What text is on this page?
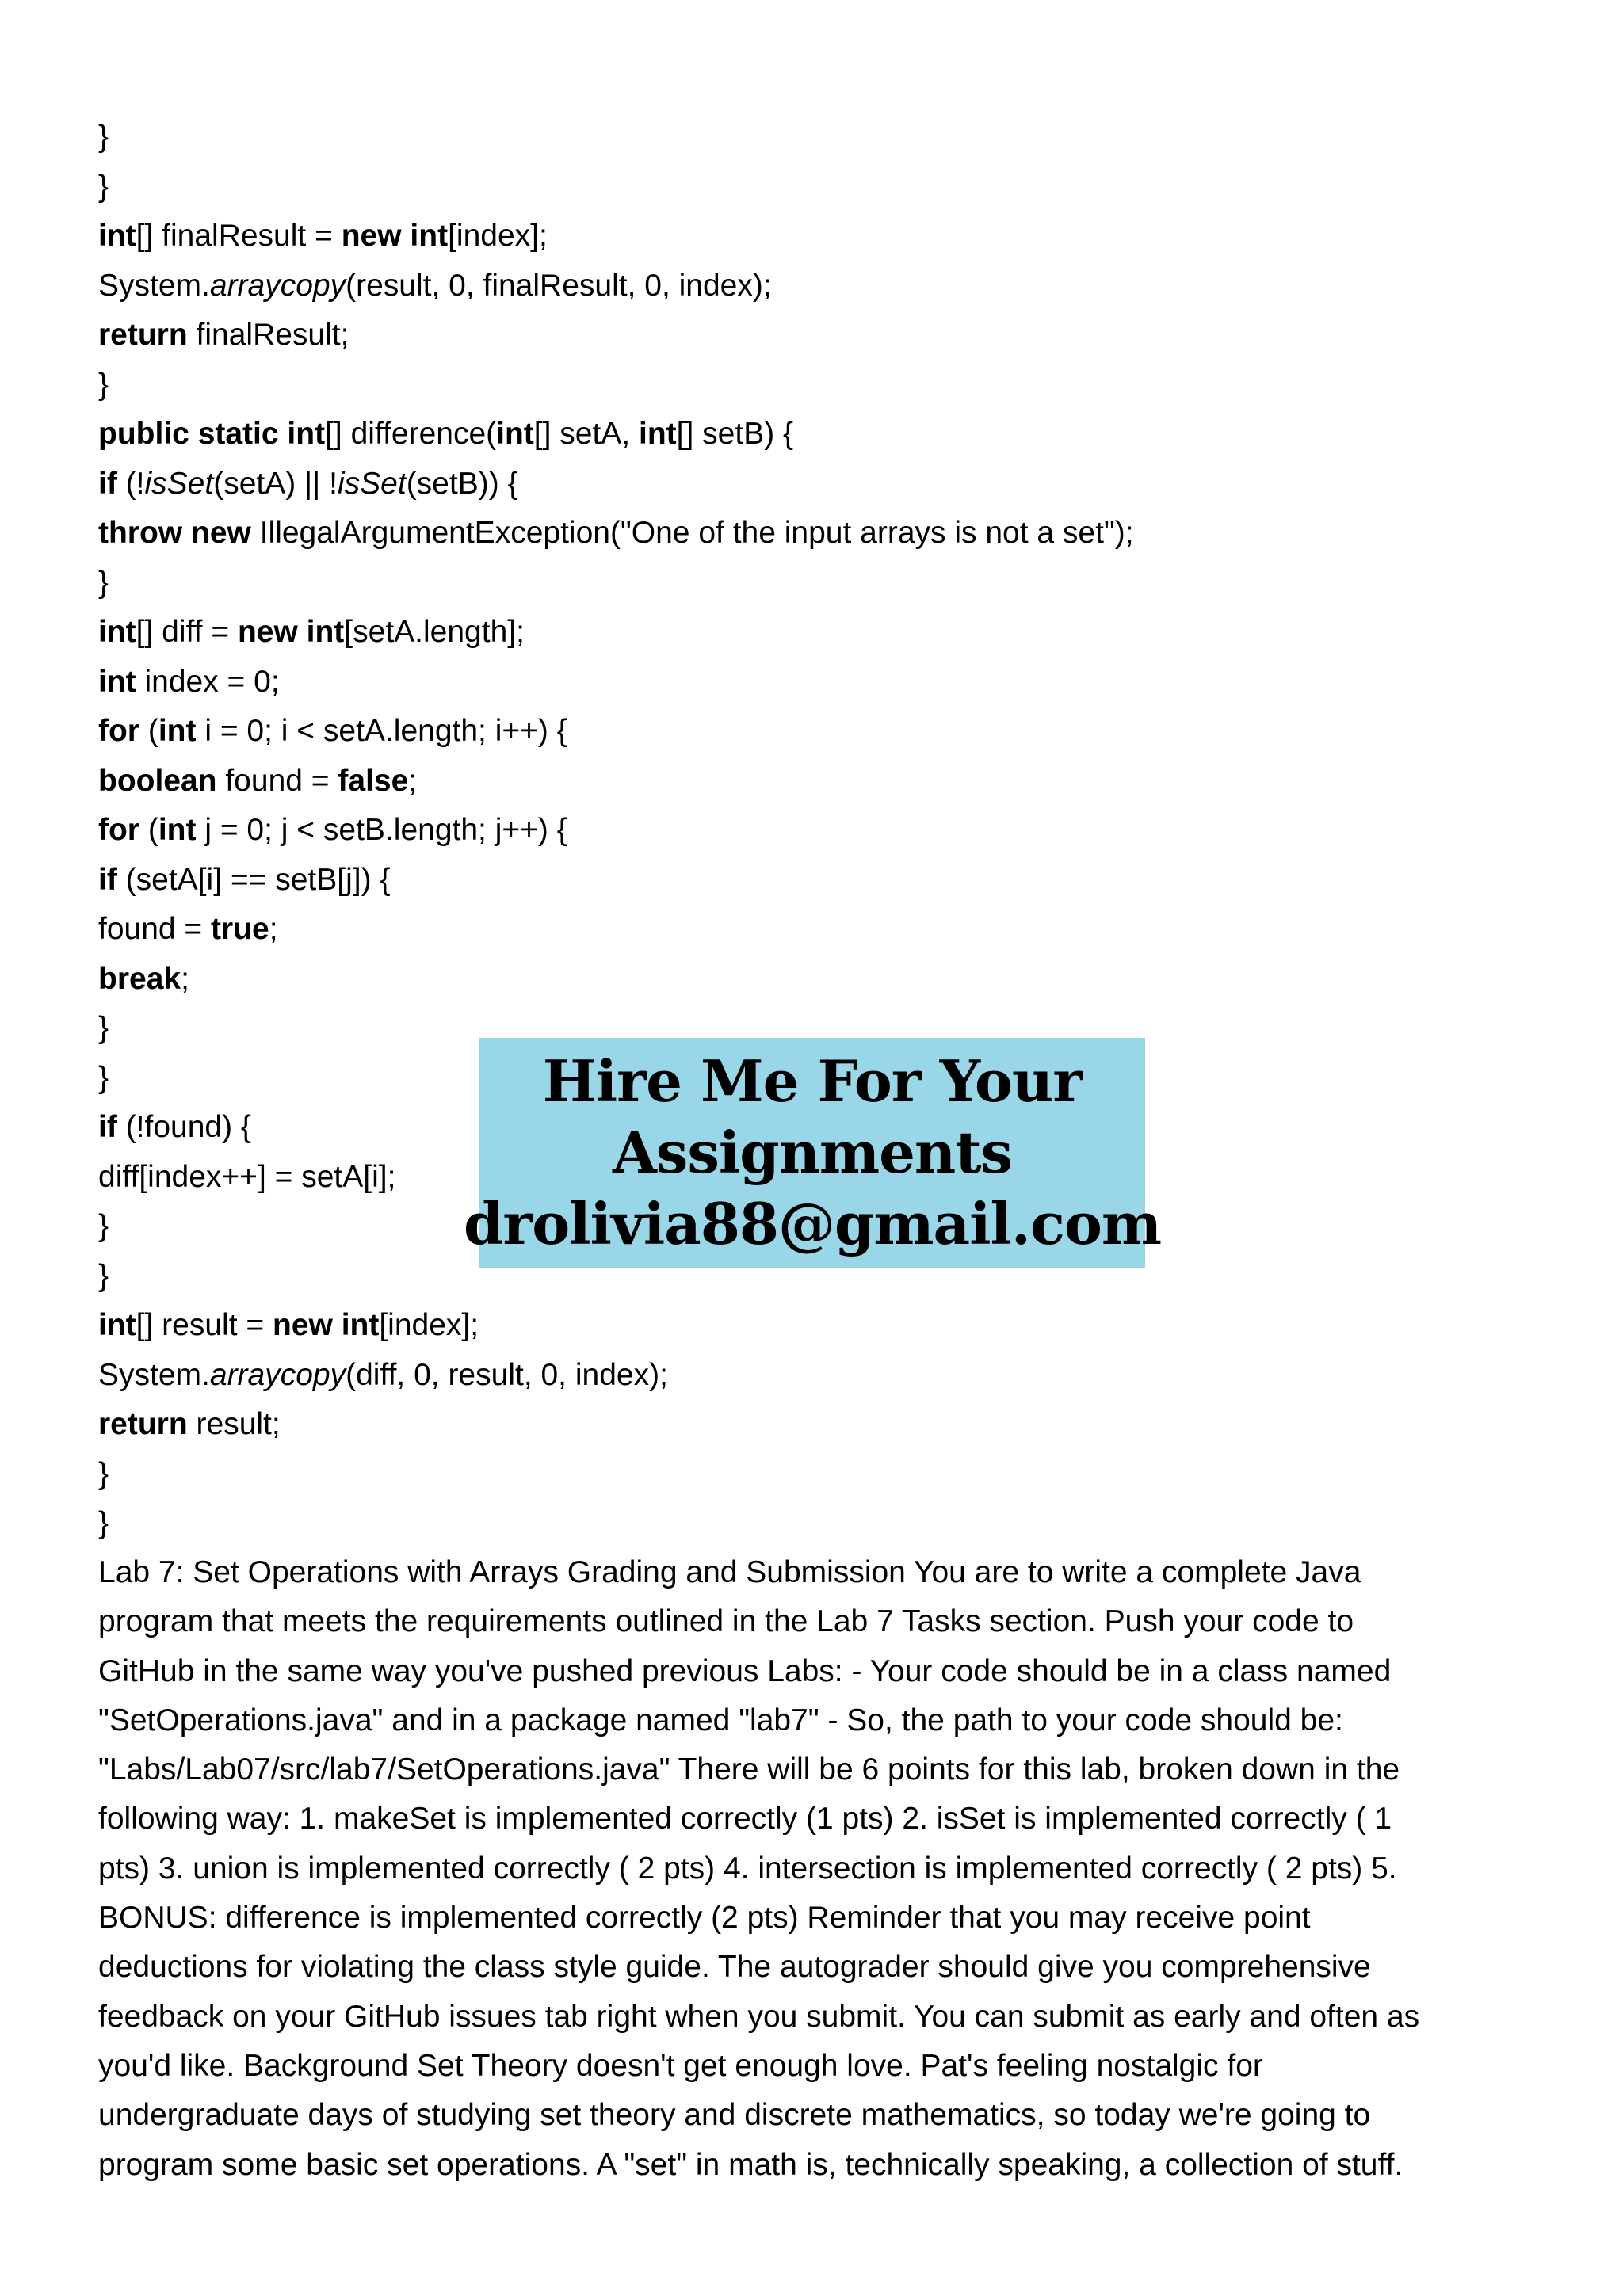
}
}
int[] finalResult = new int[index];
System.arraycopy(result, 0, finalResult, 0, index);
return finalResult;
}
public static int[] difference(int[] setA, int[] setB) {
if (!isSet(setA) || !isSet(setB)) {
throw new IllegalArgumentException("One of the input arrays is not a set");
}
int[] diff = new int[setA.length];
int index = 0;
for (int i = 0; i < setA.length; i++) {
boolean found = false;
for (int j = 0; j < setB.length; j++) {
if (setA[i] == setB[j]) {
found = true;
break;
}
}
if (!found) {
diff[index++] = setA[i];
}
}
int[] result = new int[index];
System.arraycopy(diff, 0, result, 0, index);
return result;
}
}
Hire Me For Your
Assignments
drolivia88@gmail.com
Lab 7: Set Operations with Arrays Grading and Submission You are to write a complete Java
program that meets the requirements outlined in the Lab 7 Tasks section. Push your code to
GitHub in the same way you've pushed previous Labs: - Your code should be in a class named
"SetOperations.java" and in a package named "lab7" - So, the path to your code should be:
"Labs/Lab07/src/lab7/SetOperations.java" There will be 6 points for this lab, broken down in the
following way: 1. makeSet is implemented correctly (1 pts) 2. isSet is implemented correctly ( 1
pts) 3. union is implemented correctly ( 2 pts) 4. intersection is implemented correctly ( 2 pts) 5.
BONUS: difference is implemented correctly (2 pts) Reminder that you may receive point
deductions for violating the class style guide. The autograder should give you comprehensive
feedback on your GitHub issues tab right when you submit. You can submit as early and often as
you'd like. Background Set Theory doesn't get enough love. Pat's feeling nostalgic for
undergraduate days of studying set theory and discrete mathematics, so today we're going to
program some basic set operations. A "set" in math is, technically speaking, a collection of stuff.
